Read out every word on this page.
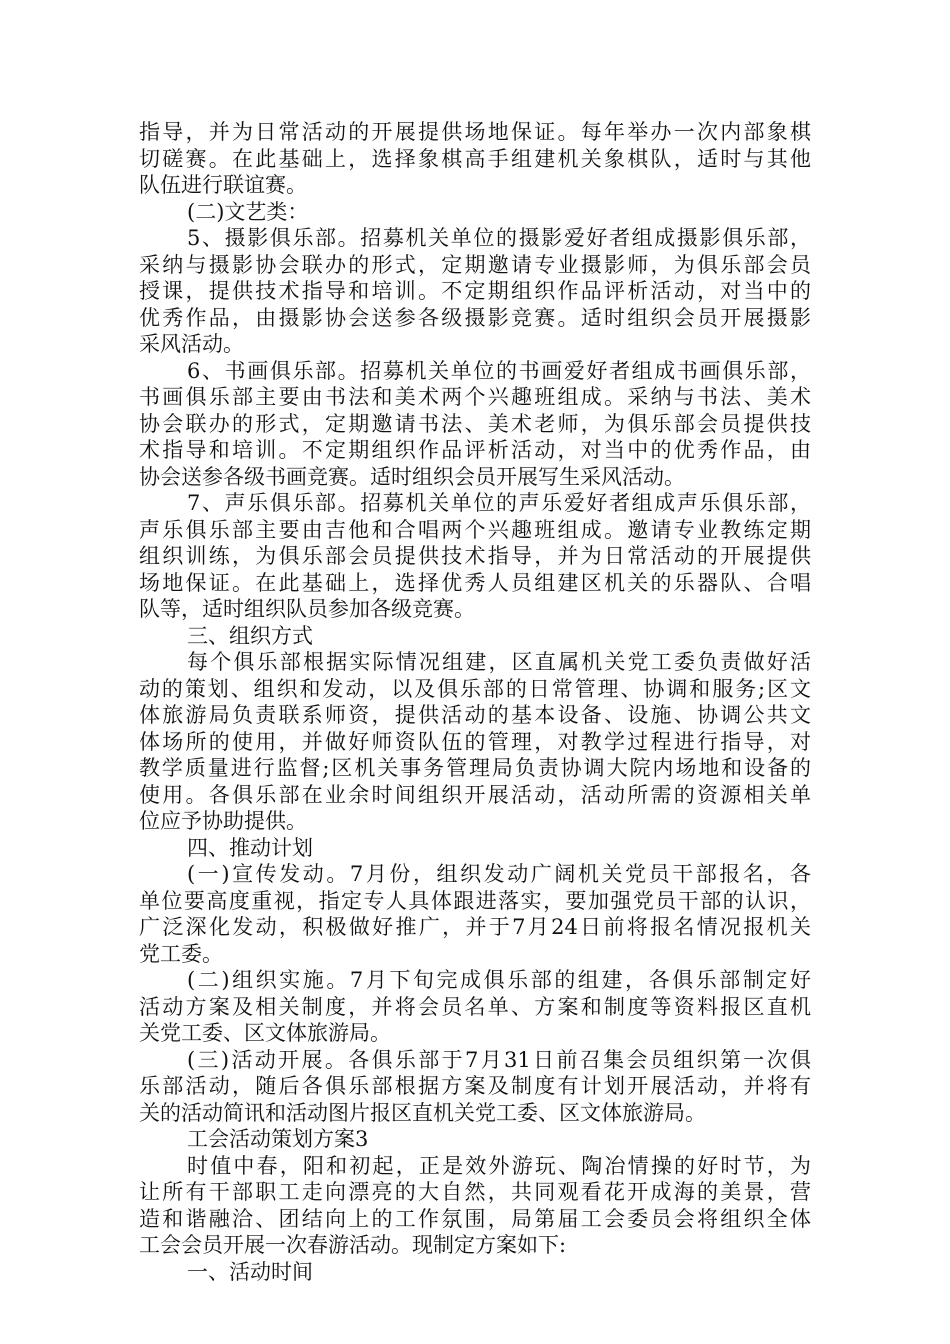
指导，并为日常活动的开展提供场地保证。每年举办一次内部象棋
切磋赛。在此基础上，选择象棋高手组建机关象棋队，适时与其他
队伍进行联谊赛。
(二)文艺类：
5、摄影俱乐部。招募机关单位的摄影爱好者组成摄影俱乐部，
采纳与摄影协会联办的形式，定期邀请专业摄影师，为俱乐部会员
授课，提供技术指导和培训。不定期组织作品评析活动，对当中的
优秀作品，由摄影协会送参各级摄影竞赛。适时组织会员开展摄影
采风活动。
6、书画俱乐部。招募机关单位的书画爱好者组成书画俱乐部，
书画俱乐部主要由书法和美术两个兴趣班组成。采纳与书法、美术
协会联办的形式，定期邀请书法、美术老师，为俱乐部会员提供技
术指导和培训。不定期组织作品评析活动，对当中的优秀作品，由
协会送参各级书画竞赛。适时组织会员开展写生采风活动。
7、声乐俱乐部。招募机关单位的声乐爱好者组成声乐俱乐部，
声乐俱乐部主要由吉他和合唱两个兴趣班组成。邀请专业教练定期
组织训练，为俱乐部会员提供技术指导，并为日常活动的开展提供
场地保证。在此基础上，选择优秀人员组建区机关的乐器队、合唱
队等，适时组织队员参加各级竞赛。
三、组织方式
每个俱乐部根据实际情况组建，区直属机关党工委负责做好活
动的策划、组织和发动，以及俱乐部的日常管理、协调和服务;区文
体旅游局负责联系师资，提供活动的基本设备、设施、协调公共文
体场所的使用，并做好师资队伍的管理，对教学过程进行指导，对
教学质量进行监督;区机关事务管理局负责协调大院内场地和设备的
使用。各俱乐部在业余时间组织开展活动，活动所需的资源相关单
位应予协助提供。
四、推动计划
(一)宣传发动。7月份，组织发动广阔机关党员干部报名，各
单位要高度重视，指定专人具体跟进落实，要加强党员干部的认识，
广泛深化发动，积极做好推广，并于7月24日前将报名情况报机关
党工委。
(二)组织实施。7月下旬完成俱乐部的组建，各俱乐部制定好
活动方案及相关制度，并将会员名单、方案和制度等资料报区直机
关党工委、区文体旅游局。
(三)活动开展。各俱乐部于7月31日前召集会员组织第一次俱
乐部活动，随后各俱乐部根据方案及制度有计划开展活动，并将有
关的活动简讯和活动图片报区直机关党工委、区文体旅游局。
工会活动策划方案3
时值中春，阳和初起，正是效外游玩、陶冶情操的好时节，为
让所有干部职工走向漂亮的大自然，共同观看花开成海的美景，营
造和谐融洽、团结向上的工作氛围，局第届工会委员会将组织全体
工会会员开展一次春游活动。现制定方案如下:
一、活动时间
